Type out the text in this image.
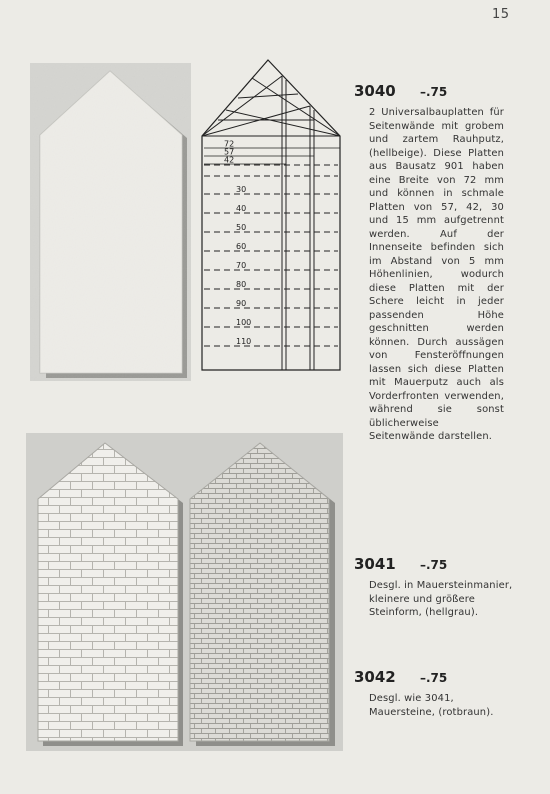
15
72
57
42
30
40
50
60
70
80
90
100
110
3040	–.75
2 Universalbauplatten für Seitenwände mit grobem und zartem Rauhputz, (hellbeige). Diese Platten aus Bausatz 901 haben eine Breite von 72 mm und können in schmale Platten von 57, 42, 30 und 15 mm aufgetrennt werden. Auf der Innenseite befinden sich im Abstand von 5 mm Höhenlinien, wodurch diese Platten mit der Schere leicht in jeder passenden Höhe geschnitten werden können. Durch aussägen von Fensteröffnungen lassen sich diese Platten mit Mauerputz auch als Vorderfronten verwenden, während sie sonst üblicherweise Seitenwände darstellen.
3041	–.75
Desgl. in Mauersteinmanier, kleinere und größere Steinform, (hellgrau).
3042	–.75
Desgl. wie 3041, Mauersteine, (rotbraun).
